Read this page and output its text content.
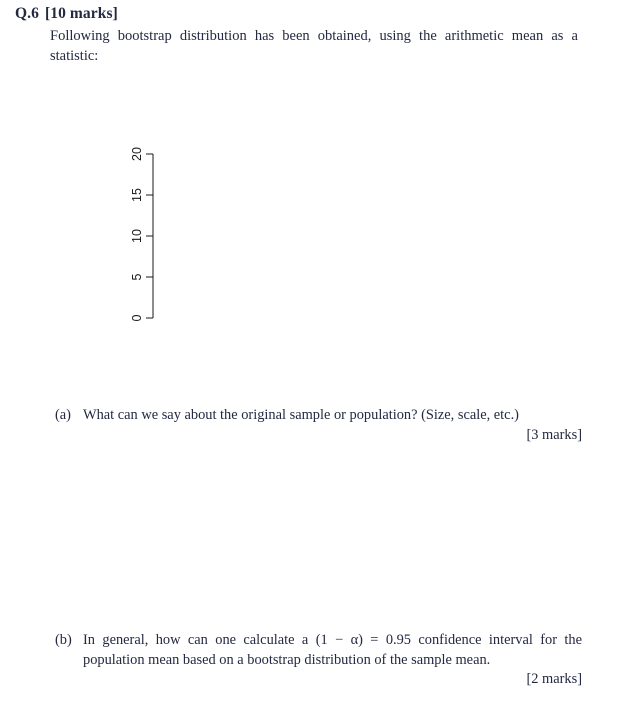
Q.6 [10 marks]
Following bootstrap distribution has been obtained, using the arithmetic mean as a statistic:
0
5
10
15
20
(a) What can we say about the original sample or population? (Size, scale, etc.)
[3 marks]
(b) In general, how can one calculate a (1 − α) = 0.95 confidence interval for the population mean based on a bootstrap distribution of the sample mean.
[2 marks]
